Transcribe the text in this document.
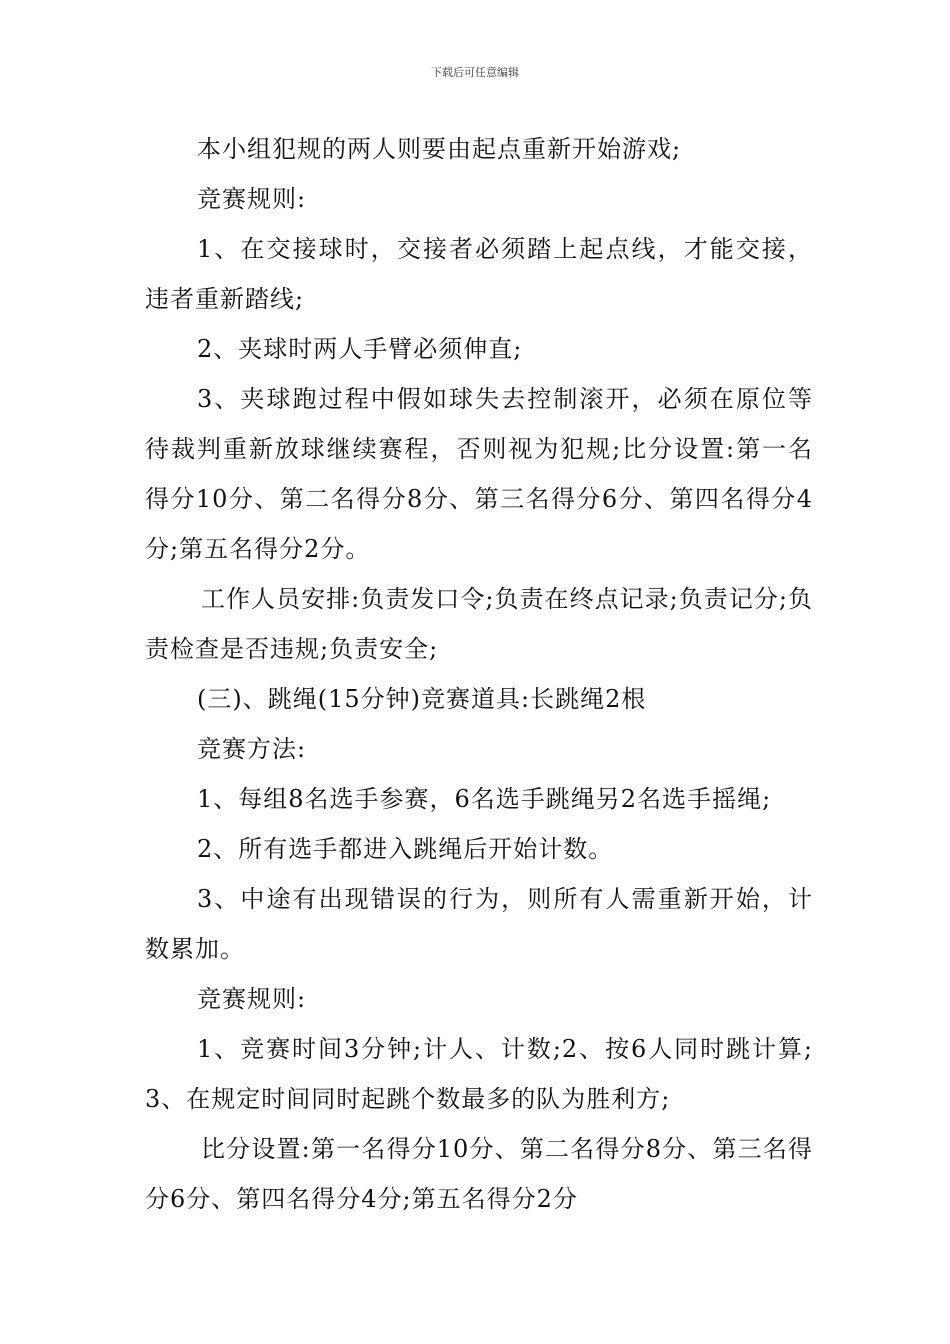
下载后可任意编辑

本小组犯规的两人则要由起点重新开始游戏;

竞赛规则:

1、在交接球时，交接者必须踏上起点线，才能交接，违者重新踏线;

2、夹球时两人手臂必须伸直;

3、夹球跑过程中假如球失去控制滚开，必须在原位等待裁判重新放球继续赛程，否则视为犯规;比分设置:第一名得分10分、第二名得分8分、第三名得分6分、第四名得分4分;第五名得分2分。

工作人员安排:负责发口令;负责在终点记录;负责记分;负责检查是否违规;负责安全;

(三)、跳绳(15分钟)竞赛道具:长跳绳2根

竞赛方法:

1、每组8名选手参赛，6名选手跳绳另2名选手摇绳;

2、所有选手都进入跳绳后开始计数。

3、中途有出现错误的行为，则所有人需重新开始，计数累加。

竞赛规则:

1、竞赛时间3分钟;计人、计数;2、按6人同时跳计算;3、在规定时间同时起跳个数最多的队为胜利方;

比分设置:第一名得分10分、第二名得分8分、第三名得分6分、第四名得分4分;第五名得分2分
